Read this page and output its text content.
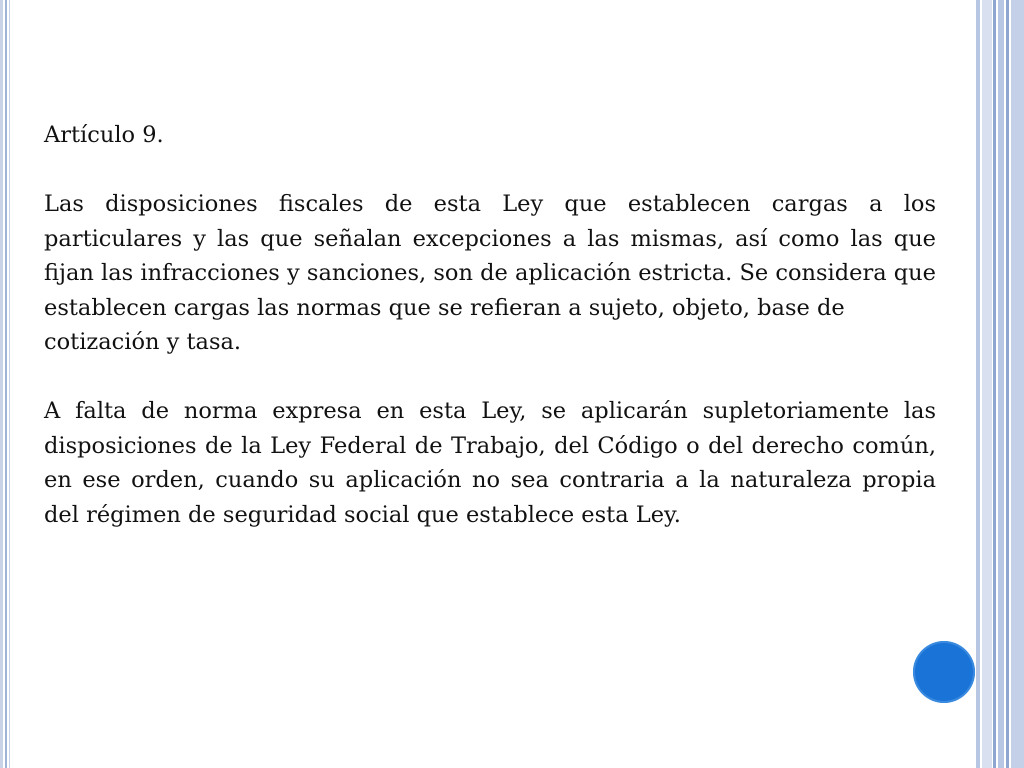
Artículo 9.

Las disposiciones fiscales de esta Ley que establecen cargas a los particulares y las que señalan excepciones a las mismas, así como las que fijan las infracciones y sanciones, son de aplicación estricta. Se considera que establecen cargas las normas que se refieran a sujeto, objeto, base de

cotización y tasa.

A falta de norma expresa en esta Ley, se aplicarán supletoriamente las disposiciones de la Ley Federal de Trabajo, del Código o del derecho común, en ese orden, cuando su aplicación no sea contraria a la naturaleza propia del régimen de seguridad social que establece esta Ley.
